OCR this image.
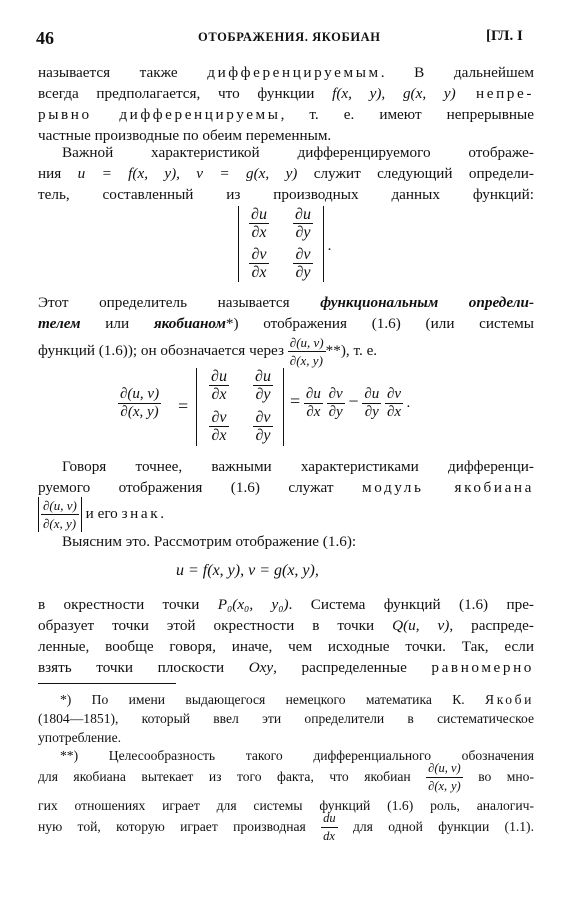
46	ОТОБРАЖЕНИЯ. ЯКОБИАН	[ГЛ. I
называется также дифференцируемым. В дальнейшем
всегда предполагается, что функции f(x, y), g(x, y) непре-
рывно дифференцируемы, т. е. имеют непрерывные
частные производные по обеим переменным.
Важной характеристикой дифференцируемого отображе-
ния u = f(x, y), v = g(x, y) служит следующий определи-
тель, составленный из производных данных функций:
$\frac{\partial u}{\partial x} \frac{\partial u}{\partial y}$
$\frac{\partial v}{\partial x} \frac{\partial v}{\partial y}$ .
Этот определитель называется функциональным определи-
телем или якобианом*) отображения (1.6) (или системы
функций (1.6)); он обозначается через $\frac{\partial(u, v)}{\partial(x, y)}$ **), т. е.
$\frac{\partial(u, v)}{\partial(x, y)}$ =
$\frac{\partial u}{\partial x} \frac{\partial u}{\partial y}$
$\frac{\partial v}{\partial x} \frac{\partial v}{\partial y}$
= $\frac{\partial u}{\partial x}$
$\frac{\partial v}{\partial y} - \frac{\partial u}{\partial y}$
$\frac{\partial v}{\partial x}$ .
Говоря точнее, важными характеристиками дифференци-
руемого отображения (1.6) служат модуль якобиана
$\frac{\partial(u, v)}{\partial(x, y)}$ и его знак.
Выясним это. Рассмотрим отображение (1.6):
u = f(x, y), v = g(x, y),
в окрестности точки P₀(x₀, y₀). Система функций (1.6) пре-
образует точки этой окрестности в точки Q(u, v), распреде-
ленные, вообще говоря, иначе, чем исходные точки. Так, если
взять точки плоскости Oxy, распределенные равномерно
*) По имени выдающегося немецкого математика К. Якоби
(1804—1851), который ввел эти определители в систематическое
употребление.
**) Целесообразность такого дифференциального обозначения
для якобиана вытекает из того факта, что якобиан $\frac{\partial(u, v)}{\partial(x, y)}$ во мно-
гих отношениях играет для системы функций (1.6) роль, аналогич-
ную той, которую играет производная $\frac{du}{dx}$ для одной функции (1.1).
